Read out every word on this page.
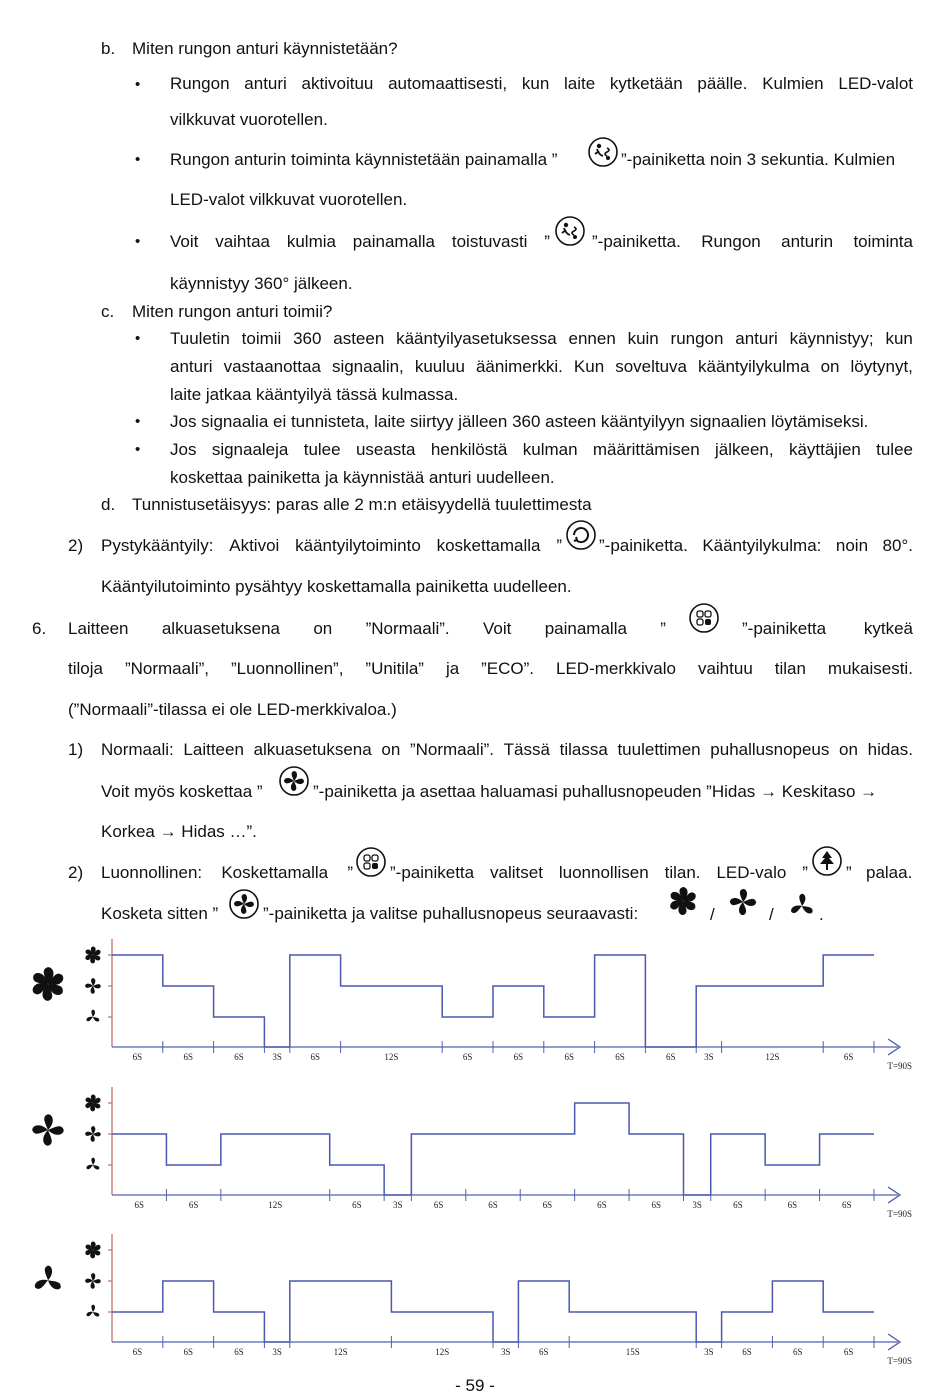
b. Miten rungon anturi käynnistetään?
• Rungon anturi aktivoituu automaattisesti, kun laite kytketään päälle. Kulmien LED-valot
vilkkuvat vuorotellen.
• Rungon anturin toiminta käynnistetään painamalla ”	”-painiketta noin 3 sekuntia. Kulmien
LED-valot vilkkuvat vuorotellen.
• Voit vaihtaa kulmia painamalla toistuvasti ” ”-painiketta. Rungon anturin toiminta
käynnistyy 360° jälkeen.
c. Miten rungon anturi toimii?
• Tuuletin toimii 360 asteen kääntyilyasetuksessa ennen kuin rungon anturi käynnistyy; kun
anturi vastaanottaa signaalin, kuuluu äänimerkki. Kun soveltuva kääntyilykulma on löytynyt,
laite jatkaa kääntyilyä tässä kulmassa.
• Jos signaalia ei tunnisteta, laite siirtyy jälleen 360 asteen kääntyilyyn signaalien löytämiseksi.
• Jos signaaleja tulee useasta henkilöstä kulman määrittämisen jälkeen, käyttäjien tulee
koskettaa painiketta ja käynnistää anturi uudelleen.
d. Tunnistusetäisyys: paras alle 2 m:n etäisyydellä tuulettimesta
2) Pystykääntyily: Aktivoi kääntyilytoiminto koskettamalla ” ”-painiketta. Kääntyilykulma: noin 80°.
Kääntyilutoiminto pysähtyy koskettamalla painiketta uudelleen.
6. Laitteen alkuasetuksena on ”Normaali”. Voit painamalla ”	”-painiketta kytkeä
tiloja ”Normaali”, ”Luonnollinen”, ”Unitila” ja ”ECO”. LED-merkkivalo vaihtuu tilan mukaisesti.
(”Normaali”-tilassa ei ole LED-merkkivaloa.)
1) Normaali: Laitteen alkuasetuksena on ”Normaali”. Tässä tilassa tuulettimen puhallusnopeus on hidas.
Voit myös koskettaa ”	”-painiketta ja asettaa haluamasi puhallusnopeuden ”Hidas → Keskitaso →
Korkea → Hidas …”.
2) Luonnollinen: Koskettamalla ” ”-painiketta valitset luonnollisen tilan. LED-valo ” ” palaa.
Kosketa sitten ”	”-painiketta ja valitse puhallusnopeus seuraavasti:	/	/	.
6S	6S	6S	3S	6S	12S	6S	6S	6S	6S	6S	3S	12S	6S
T=90S
6S	6S	12S	6S	3S	6S	6S	6S	6S	6S	3S	6S	6S	6S
T=90S
6S	6S	6S	3S	12S	12S	3S	6S	15S	3S	6S	6S	6S
T=90S
- 59 -
